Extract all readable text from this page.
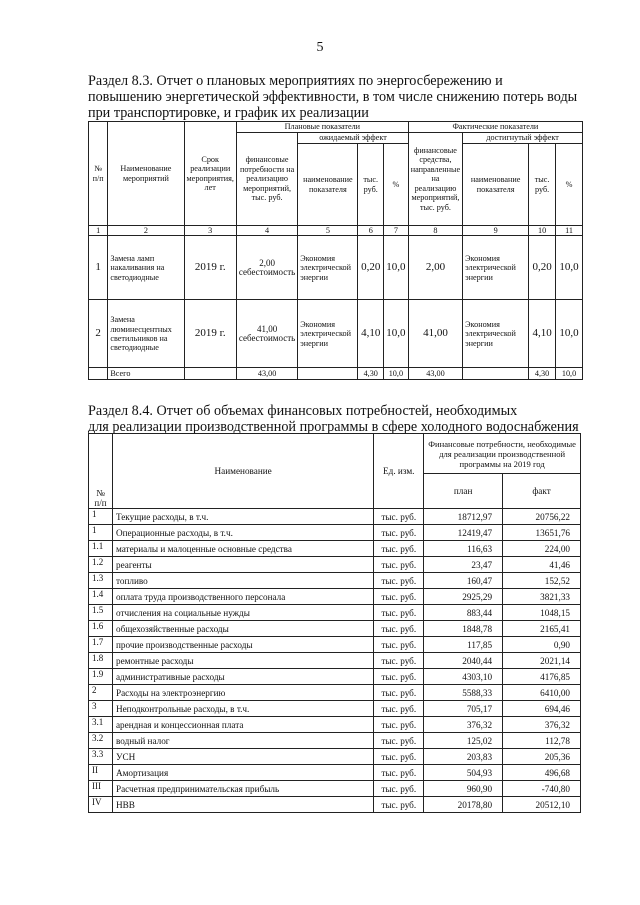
5
Раздел 8.3. Отчет о плановых мероприятиях по энергосбережению и
повышению энергетической эффективности, в том числе снижению потерь воды
при транспортировке, и график их реализации
№ п/п	Наименование мероприятий	Срок реализации мероприятия, лет	Плановые показатели				Фактические показатели			
			финансовые потребности на реализацию мероприятий, тыс. руб.	ожидаемый эффект			финансовые средства, направленные на реализацию мероприятий, тыс. руб.	достигнутый эффект		
				наименование показателя	тыс. руб.	%		наименование показателя	тыс. руб.	%
1	2	3	4	5	6	7	8	9	10	11
1	Замена ламп накаливания на светодиодные	2019 г.	2,00 себестоимость	Экономия электрической энергии	0,20	10,0	2,00	Экономия электрической энергии	0,20	10,0
2	Замена люминесцентных светильников на светодиодные	2019 г.	41,00 себестоимость	Экономия электрической энергии	4,10	10,0	41,00	Экономия электрической энергии	4,10	10,0
	Всего		43,00		4,30	10,0	43,00		4,30	10,0
Раздел 8.4. Отчет об объемах финансовых потребностей, необходимых
для реализации производственной программы в сфере холодного водоснабжения
№ п/п	Наименование	Ед. изм.	Финансовые потребности, необходимые для реализации производственной программы на 2019 год	
			план	факт
1	Текущие расходы, в т.ч.	тыс. руб.	18712,97	20756,22
1	Операционные расходы, в т.ч.	тыс. руб.	12419,47	13651,76
1.1	материалы и малоценные основные средства	тыс. руб.	116,63	224,00
1.2	реагенты	тыс. руб.	23,47	41,46
1.3	топливо	тыс. руб.	160,47	152,52
1.4	оплата труда производственного персонала	тыс. руб.	2925,29	3821,33
1.5	отчисления на социальные нужды	тыс. руб.	883,44	1048,15
1.6	общехозяйственные расходы	тыс. руб.	1848,78	2165,41
1.7	прочие производственные расходы	тыс. руб.	117,85	0,90
1.8	ремонтные расходы	тыс. руб.	2040,44	2021,14
1.9	административные расходы	тыс. руб.	4303,10	4176,85
2	Расходы на электроэнергию	тыс. руб.	5588,33	6410,00
3	Неподконтрольные расходы, в т.ч.	тыс. руб.	705,17	694,46
3.1	арендная и концессионная плата	тыс. руб.	376,32	376,32
3.2	водный налог	тыс. руб.	125,02	112,78
3.3	УСН	тыс. руб.	203,83	205,36
II	Амортизация	тыс. руб.	504,93	496,68
III	Расчетная предпринимательская прибыль	тыс. руб.	960,90	-740,80
IV	НВВ	тыс. руб.	20178,80	20512,10
